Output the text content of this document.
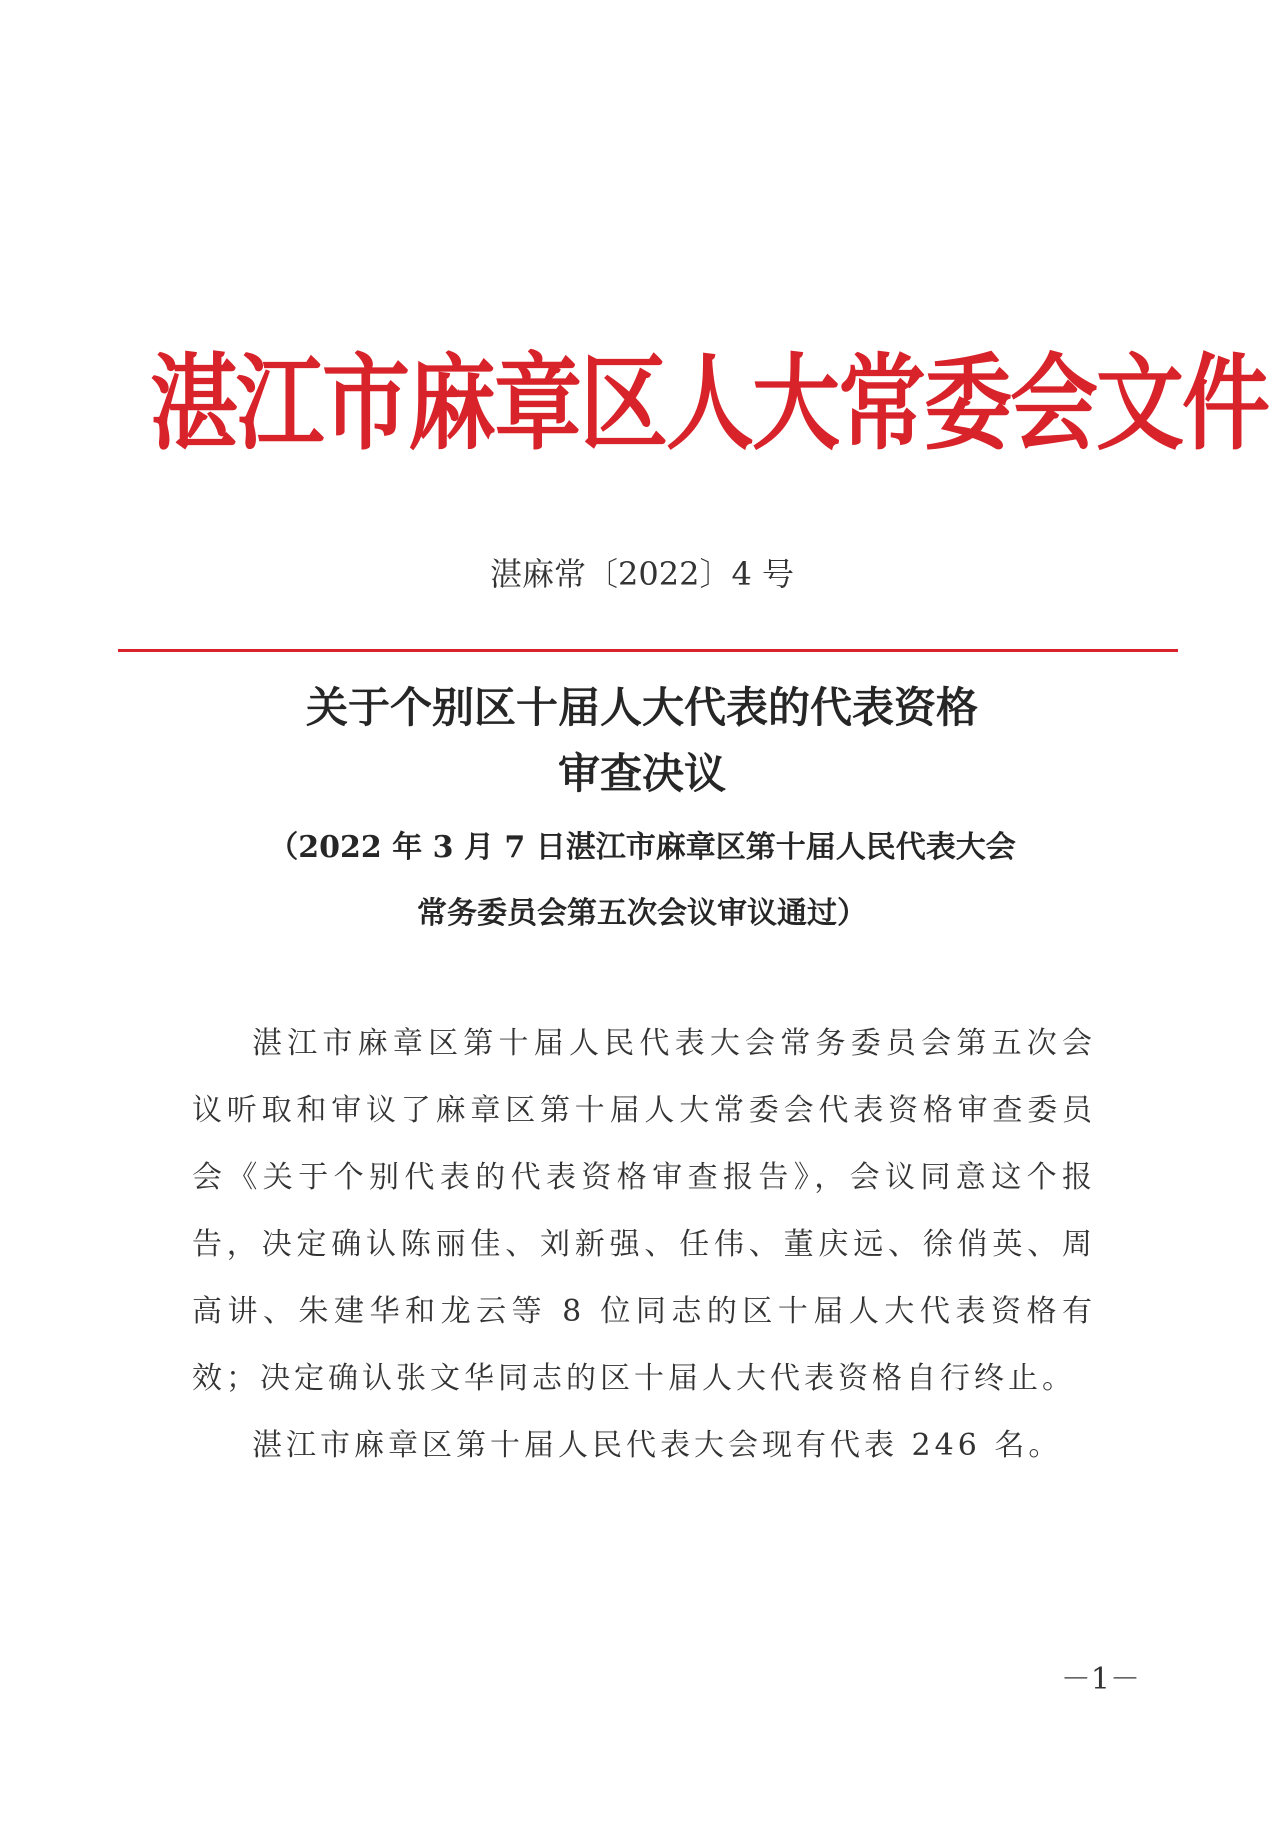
湛江市麻章区人大常委会文件
湛麻常〔2022〕4 号
关于个别区十届人大代表的代表资格
审查决议
（2022 年 3 月 7 日湛江市麻章区第十届人民代表大会
常务委员会第五次会议审议通过）

湛江市麻章区第十届人民代表大会常务委员会第五次会议听取和审议了麻章区第十届人大常委会代表资格审查委员会《关于个别代表的代表资格审查报告》，会议同意这个报告，决定确认陈丽佳、刘新强、任伟、董庆远、徐俏英、周高讲、朱建华和龙云等 8 位同志的区十届人大代表资格有效；决定确认张文华同志的区十届人大代表资格自行终止。

湛江市麻章区第十届人民代表大会现有代表 246 名。

－1－
